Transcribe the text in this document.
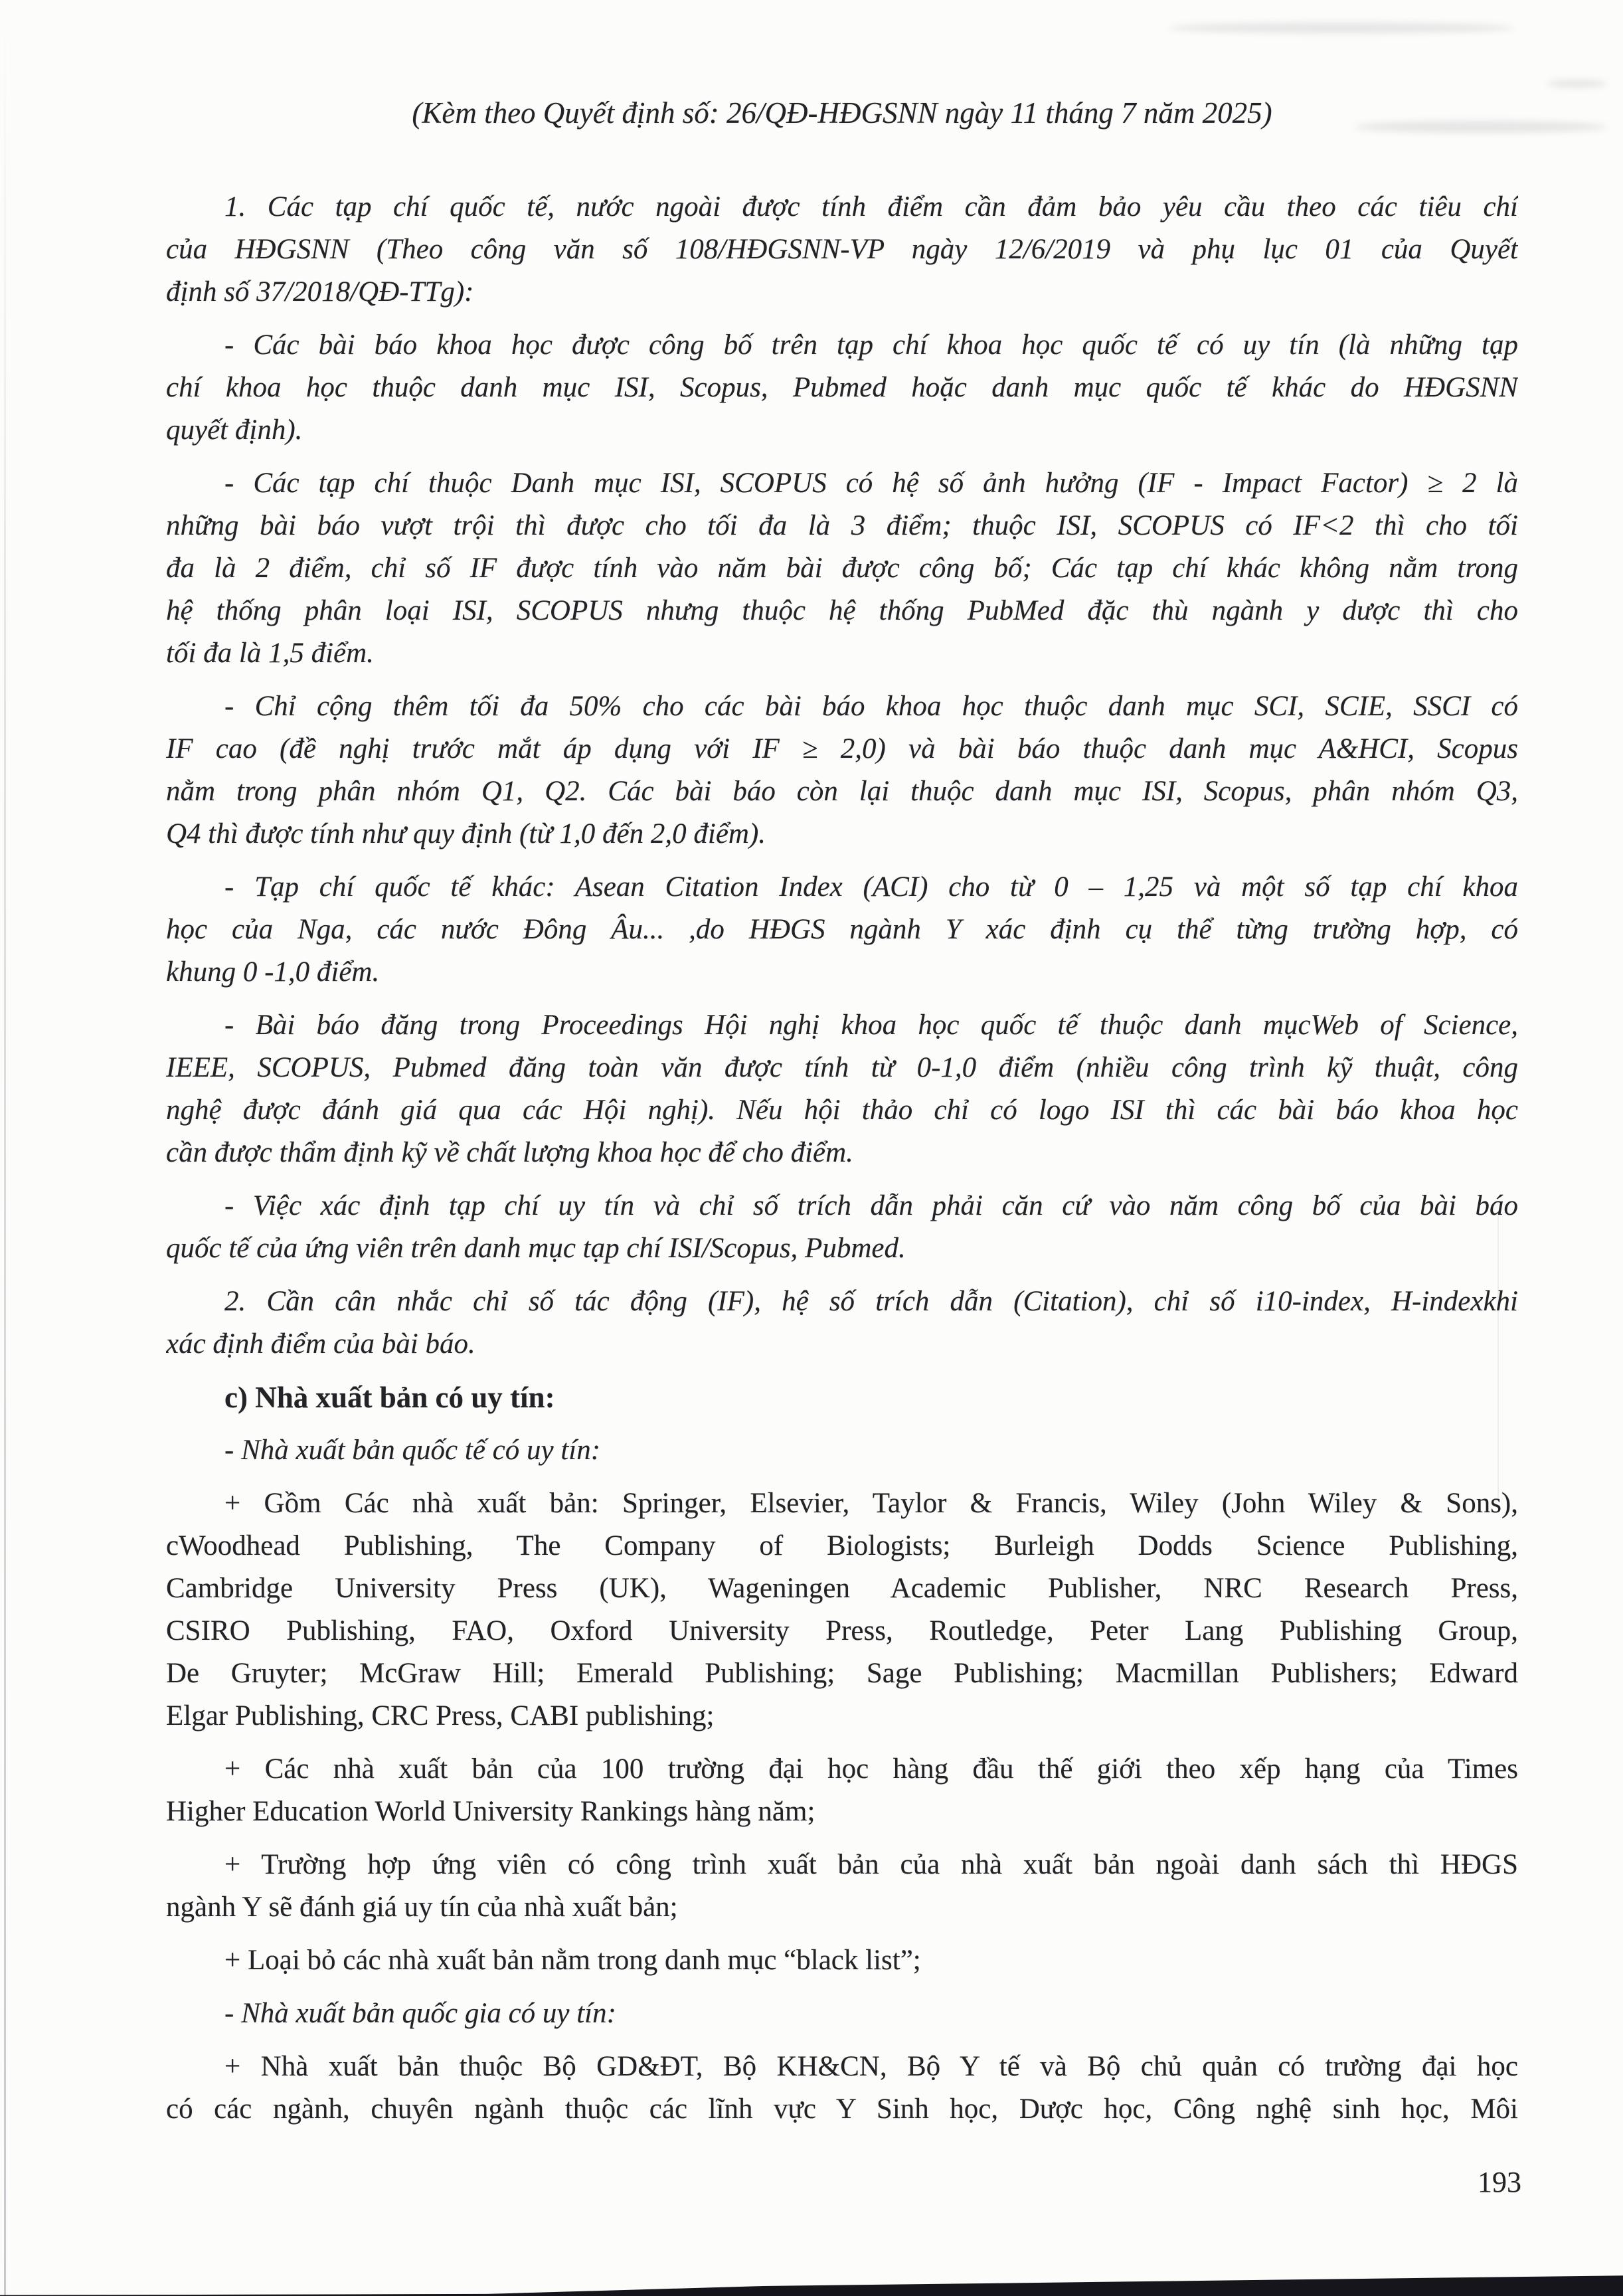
(Kèm theo Quyết định số: 26/QĐ-HĐGSNN ngày 11 tháng 7 năm 2025)
1. Các tạp chí quốc tế, nước ngoài được tính điểm cần đảm bảo yêu cầu theo các tiêu chí
của HĐGSNN (Theo công văn số 108/HĐGSNN-VP ngày 12/6/2019 và phụ lục 01 của Quyết
định số 37/2018/QĐ-TTg):
- Các bài báo khoa học được công bố trên tạp chí khoa học quốc tế có uy tín (là những tạp
chí khoa học thuộc danh mục ISI, Scopus, Pubmed hoặc danh mục quốc tế khác do HĐGSNN
quyết định).
- Các tạp chí thuộc Danh mục ISI, SCOPUS có hệ số ảnh hưởng (IF - Impact Factor) ≥ 2 là
những bài báo vượt trội thì được cho tối đa là 3 điểm; thuộc ISI, SCOPUS có IF<2 thì cho tối
đa là 2 điểm, chỉ số IF được tính vào năm bài được công bố; Các tạp chí khác không nằm trong
hệ thống phân loại ISI, SCOPUS nhưng thuộc hệ thống PubMed đặc thù ngành y dược thì cho
tối đa là 1,5 điểm.
- Chỉ cộng thêm tối đa 50% cho các bài báo khoa học thuộc danh mục SCI, SCIE, SSCI có
IF cao (đề nghị trước mắt áp dụng với IF ≥ 2,0) và bài báo thuộc danh mục A&HCI, Scopus
nằm trong phân nhóm Q1, Q2. Các bài báo còn lại thuộc danh mục ISI, Scopus, phân nhóm Q3,
Q4 thì được tính như quy định (từ 1,0 đến 2,0 điểm).
- Tạp chí quốc tế khác: Asean Citation Index (ACI) cho từ 0 – 1,25 và một số tạp chí khoa
học của Nga, các nước Đông Âu... ,do HĐGS ngành Y xác định cụ thể từng trường hợp, có
khung 0 -1,0 điểm.
- Bài báo đăng trong Proceedings Hội nghị khoa học quốc tế thuộc danh mụcWeb of Science,
IEEE, SCOPUS, Pubmed đăng toàn văn được tính từ 0-1,0 điểm (nhiều công trình kỹ thuật, công
nghệ được đánh giá qua các Hội nghị). Nếu hội thảo chỉ có logo ISI thì các bài báo khoa học
cần được thẩm định kỹ về chất lượng khoa học để cho điểm.
- Việc xác định tạp chí uy tín và chỉ số trích dẫn phải căn cứ vào năm công bố của bài báo
quốc tế của ứng viên trên danh mục tạp chí ISI/Scopus, Pubmed.
2. Cần cân nhắc chỉ số tác động (IF), hệ số trích dẫn (Citation), chỉ số i10-index, H-indexkhi
xác định điểm của bài báo.
c) Nhà xuất bản có uy tín:
- Nhà xuất bản quốc tế có uy tín:
+ Gồm Các nhà xuất bản: Springer, Elsevier, Taylor & Francis, Wiley (John Wiley & Sons),
cWoodhead Publishing, The Company of Biologists; Burleigh Dodds Science Publishing,
Cambridge University Press (UK), Wageningen Academic Publisher, NRC Research Press,
CSIRO Publishing, FAO, Oxford University Press, Routledge, Peter Lang Publishing Group,
De Gruyter; McGraw Hill; Emerald Publishing; Sage Publishing; Macmillan Publishers; Edward
Elgar Publishing, CRC Press, CABI publishing;
+ Các nhà xuất bản của 100 trường đại học hàng đầu thế giới theo xếp hạng của Times
Higher Education World University Rankings hàng năm;
+ Trường hợp ứng viên có công trình xuất bản của nhà xuất bản ngoài danh sách thì HĐGS
ngành Y sẽ đánh giá uy tín của nhà xuất bản;
+ Loại bỏ các nhà xuất bản nằm trong danh mục “black list”;
- Nhà xuất bản quốc gia có uy tín:
+ Nhà xuất bản thuộc Bộ GD&ĐT, Bộ KH&CN, Bộ Y tế và Bộ chủ quản có trường đại học
có các ngành, chuyên ngành thuộc các lĩnh vực Y Sinh học, Dược học, Công nghệ sinh học, Môi
193
